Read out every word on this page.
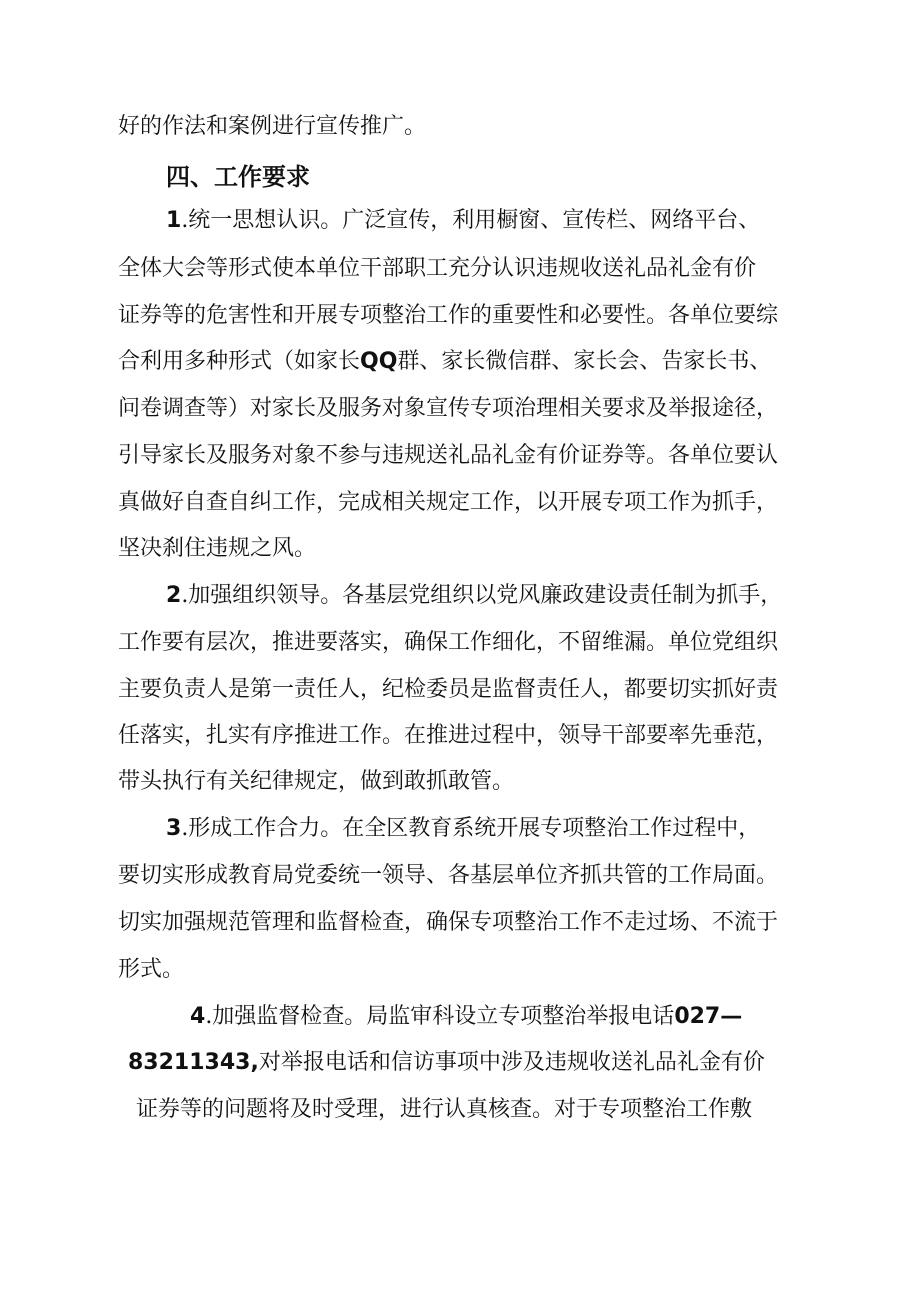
好的作法和案例进行宣传推广。
四、工作要求
1.统一思想认识。广泛宣传，利用橱窗、宣传栏、网络平台、
全体大会等形式使本单位干部职工充分认识违规收送礼品礼金有价
证券等的危害性和开展专项整治工作的重要性和必要性。各单位要综
合利用多种形式（如家长QQ群、家长微信群、家长会、告家长书、
问卷调查等）对家长及服务对象宣传专项治理相关要求及举报途径，
引导家长及服务对象不参与违规送礼品礼金有价证券等。各单位要认
真做好自查自纠工作，完成相关规定工作，以开展专项工作为抓手，
坚决刹住违规之风。
2.加强组织领导。各基层党组织以党风廉政建设责任制为抓手，
工作要有层次，推进要落实，确保工作细化，不留维漏。单位党组织
主要负责人是第一责任人，纪检委员是监督责任人，都要切实抓好责
任落实，扎实有序推进工作。在推进过程中，领导干部要率先垂范，
带头执行有关纪律规定，做到敢抓敢管。
3.形成工作合力。在全区教育系统开展专项整治工作过程中，
要切实形成教育局党委统一领导、各基层单位齐抓共管的工作局面。
切实加强规范管理和监督检查，确保专项整治工作不走过场、不流于
形式。
4.加强监督检查。局监审科设立专项整治举报电话027—
83211343,对举报电话和信访事项中涉及违规收送礼品礼金有价
证券等的问题将及时受理，进行认真核查。对于专项整治工作敷
